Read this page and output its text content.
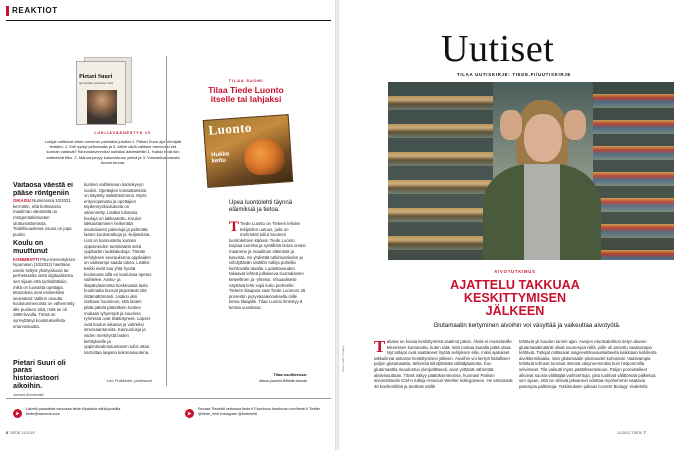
REAKTIOT
Pietari Suuri
ajoi Venäjän uudistusten tielle
LUKIJAVÄÄNESTYS 10
Lukijat valitsivat viime numeron parhaiksi jutuiksi 1. Pietari Suuri ajoi Venäjää lentäen. 2. Keli syntyi pelkomalla ja 3. Mihin väriä valitsee meneväsi etä kunnan valtavat? Kiinnostavimmiksi uutisiksi äänestettiin 1. Kaikki eivät ikin vaikkeivat tilko. 2. Mahua pesyy kokonaisuus yleisä ja 3. Vuosia/kokoutusta tuovat turvaa.
Vaitaosa väestä ei pääse röntgeniin
OIKAISU Numerossa 10/2021 kerrottiin, että kolmasosa maailman väestöstä on röntgentutkimusten ulottumattomissa. Todellisuudessa osuus on jopa puolet.
Koulu on muuttunut
KOMMENTTI Pitui-menestyksen hipumisen (10/2022) haettaan useiin seltyst yksityiskuvia tai perhetaselta seitä digitaalisesta sen sijaan että syöhdittäisiin, mikä on luovasta opettajia. Muutoksia ovat esimerkiksi seuraavat: Valtion osuutta koulutusmenoista on vähennetty alle puoleen siitä, mitä se oli 1990-luvulla. Tämä on synnyttänyt koulutuksellista eriarvoisuutta.
Pietari Suuri oli paras historiastoori aikoihin.
Juhani Ahonmäki
kuntien vaihtelevan kantokyvyn vuoksi. Opettajien lomauttamista on käytetty säästötoimena. Myös erityisopetusta ja opettajien täydennyskoulutusta on vähennetty. Lisäksi luhansia kouluja on lakkautettu. Koulun lakkauttaminen heikentää asuinalueen palveluja ja pidentää lasten koulumatkoja ja -kuljetuksia. Lisä on kannustettu kuntien oppiaineiden tuntimääriä sekä oppilaiden luokkakokoja. Tämän kehityksen seurauksena oppilaiden on vaikeampi saada tukea. Lisäksi kaikki eivät saa yhtä hyvää koulutusta sillä eri kouluissa opetus vaihtelee. Aamu- ja iltapäivätoiminta koskevasta lasta huolimatta kunnat järjestävät sitä riittämättömästi. Lisäksi olisi otettava huomioon, että lasten pitää päivät pääväkien tuntien mukaan lyhyempä ja suurissa ryhmissä ovat lisääntyneet. Lapset ovat koulun aikassa ja valmiiksi stressaantuneita. Kasvuolosja ja niiden merkitystä lasten kehitykselle ja oppimisvalmiutumiseen tulisi ottaa kartoittaa laajana kokonaisuutena.
Leo Pulkkinen, professori
TILAA SUOMI
Tilaa Tiede Luonto itselle tai lahjaksi
Luonto
Hukka kettu
Upea luontolehti täynnä eläimiksiä ja tietoa.
T Tiede Luonto on Tieteen lehden tekijöiden uutuus, joita on mehmästi tullut Suomen luontolehtien kärkeä. Tiede Luonto tarjoaa tuoretta ja syvällistä tietoa omasi maamme ja maailman eläimistä ja kasvista. Se yhdistää tutkimustiedon ja viihdyttävän sisällön tutkija puheilla kiehtovalla tavalla. Luotettavuuden takaavat lehteä julkaiseva suomalainen tieteellinen ja -yhteisö. Visuaalisesti näyttävä lehti sopii koko perheelle. Tieteen tilaajana saat Tiede Luonnon 25 prosentin pysyväsalennuksella niille tietoa tilaajalle. Tilaa Luonto ilmestyy 8 kertaa vuodessa.
Tilaa osoitteessa:
tilaus.yuonto.fi/tiede-luonto
Lähetä palautetta verkossa tiede.fi/palaute sähköpostilla tiede@sanoma.com
Seuraa Tiedettä verkossa tiede.fi Facebook facebook.com/tiede.fi Twitter @tiede_lehti Instagram @tiedelehti
6 TIEDE 11/2022
Uutiset
TILAA UUTISKIRJE: TIEDE.FI/UUTISKIRJE
Kuva: Getty Images
AIVOTUTKIMUS
AJATTELU TAKKUAA KESKITTYMISEN JÄLKEEN
Glutamaatin kertyminen aivoihin voi väsyttää ja vaikeuttaa aivotyötä.
T akana on kovaa keskittymistä vaatinut päivä. Äksiä ei mustelaville tekemisen kuntunutta, kuten siitä, mitä ruokaa lautalla pitää ottaa. Nyt tutkijat ovat saattaneet löytää selityksen sille, miksi ajatukset takkuilevat ankaran keskittymisen jälkeen. Aivoihin voi kertyä haitallisen paljon glutamaattia, tärkeintä kiihdyttävää välittäjäainetta. Kun glutamaattia muodostuu ylenpalttisesti, aivot yrittävät vähentää aktiivisuuttaan. Tämä näkyy päätöksenteossa, huomasi Pariisin aivoinstituutin ICM-n tutkija Antonius Wiehler kollegoineen. He värväsivät 40 koehenkilöä ja teettivät näillä
tehtäviä yli kuuden tunnin ajan. Aivojen etuotsalohkon tietyn alueen glutamaattimäärät olivat suurempia niillä, joille oli annettu vaativampia tehtäviä. Tutkijat mittasivat magneettikuvauslaitteella kaikkiaan kahdesta aivokkemikaalia. Vain glutamaatin pitoisuudet kohosivat. Vaativampia tehtäviä tehneet tunsivat itsensä väsyneemmiksi kuin helpommilla selvinneet. Tila vaikutti myös päätöksentekoon. Paljon ponnistelleet alkoivat suosia välittäjää vaihtoehtoja, joita tuottivat välittömää palkintoa, sen sijaan, että ne olisivat jaksaneet odottaa myöhemmin saatavia parempia palkintoja. Tutkimuksen julkaisi Current Biology -tiedelehti.
11/2022 TIEDE 7
